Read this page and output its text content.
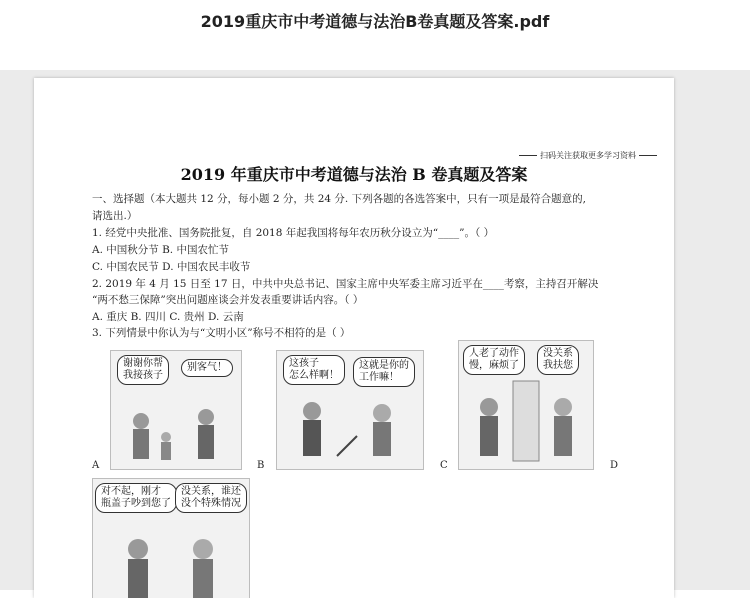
2019重庆市中考道德与法治B卷真题及答案.pdf
扫码关注获取更多学习资料
2019 年重庆市中考道德与法治 B 卷真题及答案
一、选择题（本大题共 12 分，每小题 2 分，共 24 分. 下列各题的各选答案中，只有一项是最符合题意的,
请选出.）
1. 经党中央批准、国务院批复，自 2018 年起我国将每年农历秋分设立为“____”。（ ）
A. 中国秋分节 B. 中国农忙节
C. 中国农民节 D. 中国农民丰收节
2. 2019 年 4 月 15 日至 17 日，中共中央总书记、国家主席中央军委主席习近平在____考察，主持召开解决
“两不愁三保障”突出问题座谈会并发表重要讲话内容。（ ）
A. 重庆 B. 四川 C. 贵州 D. 云南
3. 下列情景中你认为与“文明小区”称号不相符的是（ ）
谢谢你帮
我接孩子
别客气！
A
这孩子
怎么样啊！
这就是你的
工作嘛！
B
人老了动作
慢，麻烦了
没关系
我扶您
C	D
对不起，刚才
瓶盖子吵到您了
没关系，谁还
没个特殊情况
